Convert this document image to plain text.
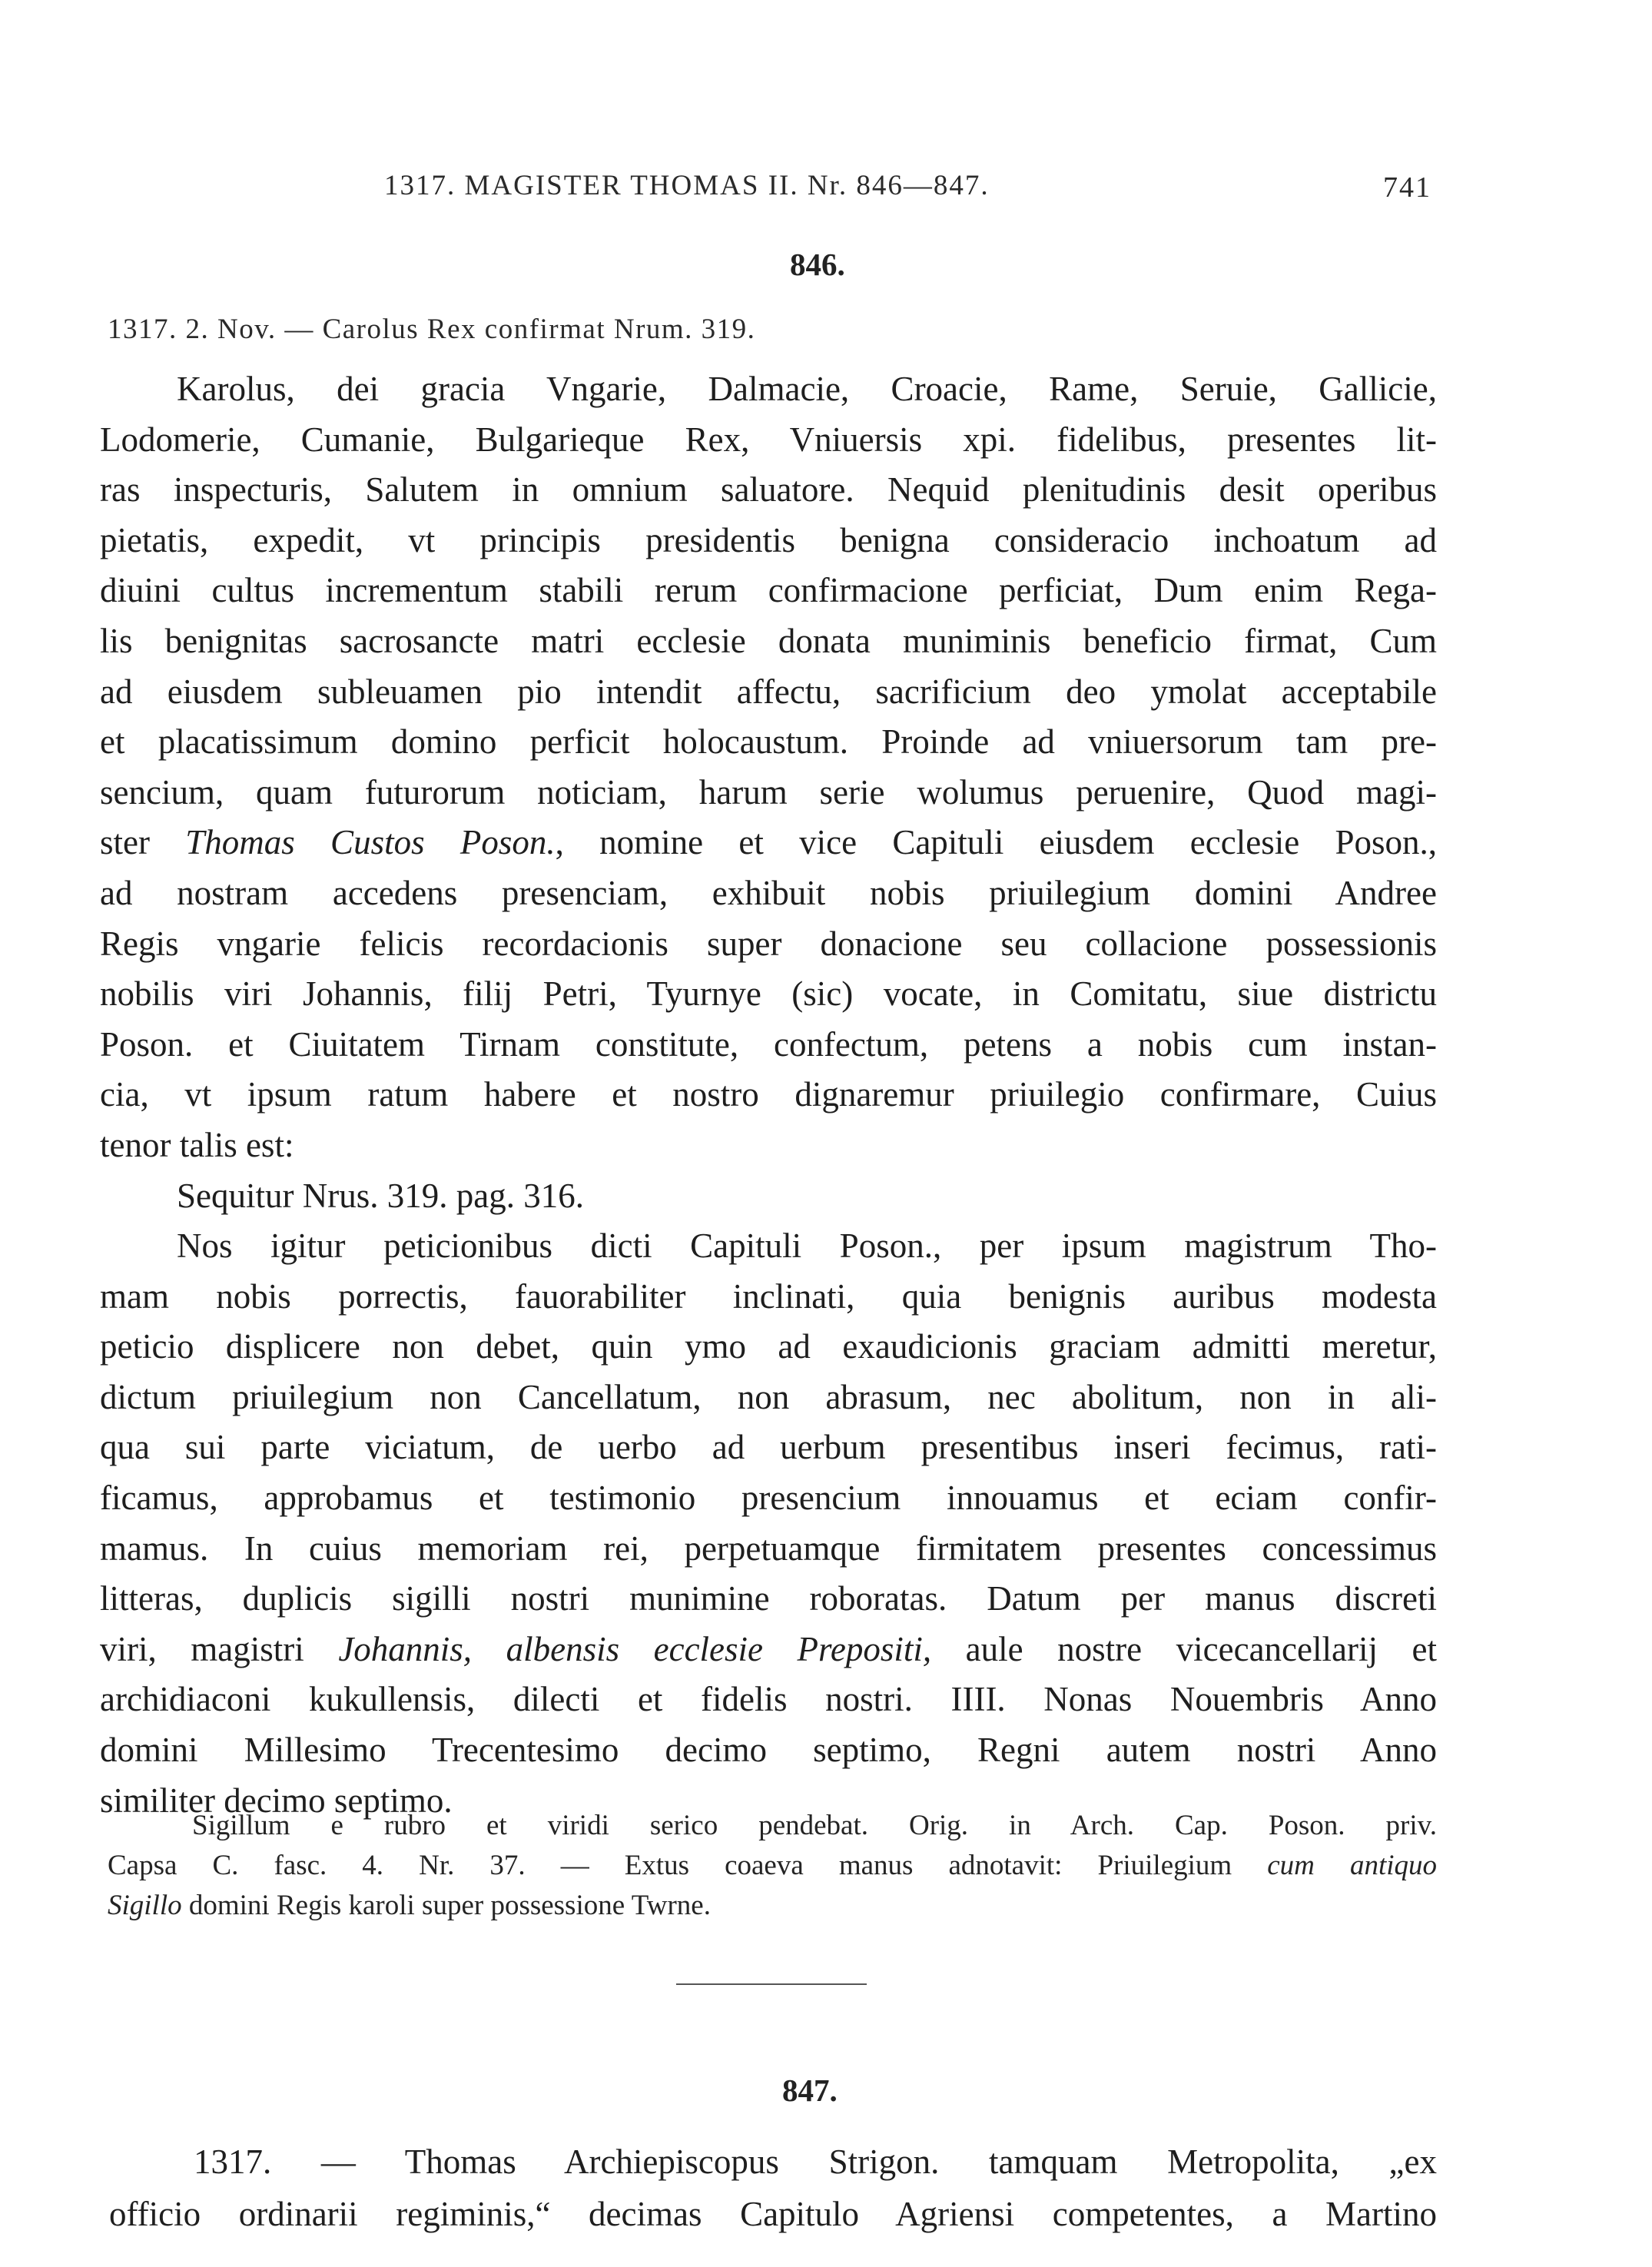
1317. MAGISTER THOMAS II. Nr. 846—847.	741
846.
1317. 2. Nov. — Carolus Rex confirmat Nrum. 319.
Karolus, dei gracia Vngarie, Dalmacie, Croacie, Rame, Seruie, Gallicie,
Lodomerie, Cumanie, Bulgarieque Rex, Vniuersis xpi. fidelibus, presentes lit-
ras inspecturis, Salutem in omnium saluatore. Nequid plenitudinis desit operibus
pietatis, expedit, vt principis presidentis benigna consideracio inchoatum ad
diuini cultus incrementum stabili rerum confirmacione perficiat, Dum enim Rega-
lis benignitas sacrosancte matri ecclesie donata muniminis beneficio firmat, Cum
ad eiusdem subleuamen pio intendit affectu, sacrificium deo ymolat acceptabile
et placatissimum domino perficit holocaustum. Proinde ad vniuersorum tam pre-
sencium, quam futurorum noticiam, harum serie wolumus peruenire, Quod magi-
ster Thomas Custos Poson., nomine et vice Capituli eiusdem ecclesie Poson.,
ad nostram accedens presenciam, exhibuit nobis priuilegium domini Andree
Regis vngarie felicis recordacionis super donacione seu collacione possessionis
nobilis viri Johannis, filij Petri, Tyurnye (sic) vocate, in Comitatu, siue districtu
Poson. et Ciuitatem Tirnam constitute, confectum, petens a nobis cum instan-
cia, vt ipsum ratum habere et nostro dignaremur priuilegio confirmare, Cuius
tenor talis est:
Sequitur Nrus. 319. pag. 316.
Nos igitur peticionibus dicti Capituli Poson., per ipsum magistrum Tho-
mam nobis porrectis, fauorabiliter inclinati, quia benignis auribus modesta
peticio displicere non debet, quin ymo ad exaudicionis graciam admitti meretur,
dictum priuilegium non Cancellatum, non abrasum, nec abolitum, non in ali-
qua sui parte viciatum, de uerbo ad uerbum presentibus inseri fecimus, rati-
ficamus, approbamus et testimonio presencium innouamus et eciam confir-
mamus. In cuius memoriam rei, perpetuamque firmitatem presentes concessimus
litteras, duplicis sigilli nostri munimine roboratas. Datum per manus discreti
viri, magistri Johannis, albensis ecclesie Prepositi, aule nostre vicecancellarij et
archidiaconi kukullensis, dilecti et fidelis nostri. IIII. Nonas Nouembris Anno
domini Millesimo Trecentesimo decimo septimo, Regni autem nostri Anno
similiter decimo septimo.
Sigillum e rubro et viridi serico pendebat. Orig. in Arch. Cap. Poson. priv.
Capsa C. fasc. 4. Nr. 37. — Extus coaeva manus adnotavit: Priuilegium cum antiquo
Sigillo domini Regis karoli super possessione Twrne.
847.
1317. — Thomas Archiepiscopus Strigon. tamquam Metropolita, „ex
officio ordinarii regiminis,“ decimas Capitulo Agriensi competentes, a Martino
